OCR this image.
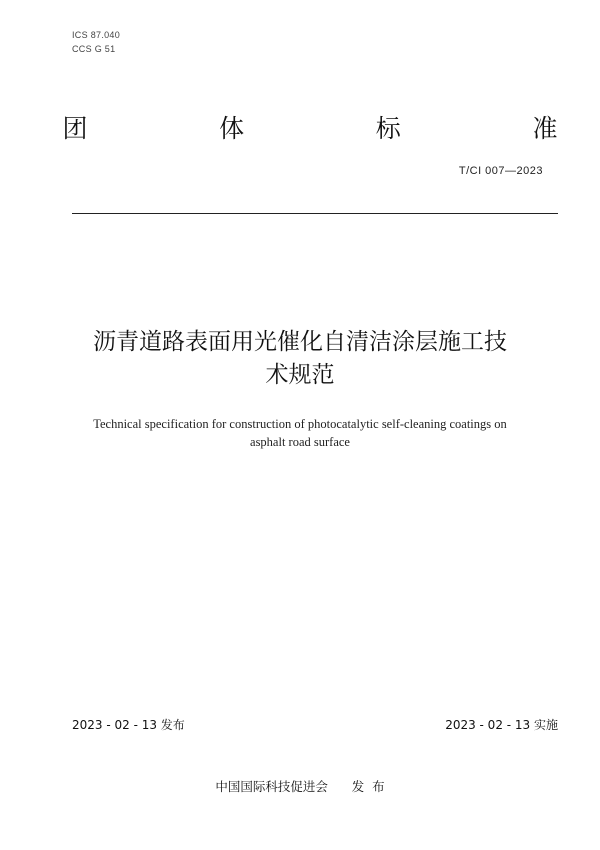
ICS 87.040
CCS G 51
团	体	标	准
T/CI 007—2023
沥青道路表面用光催化自清洁涂层施工技
术规范
Technical specification for construction of photocatalytic self-cleaning coatings on
asphalt road surface
2023 - 02 - 13 发布	2023 - 02 - 13 实施
中国国际科技促进会 发  布
